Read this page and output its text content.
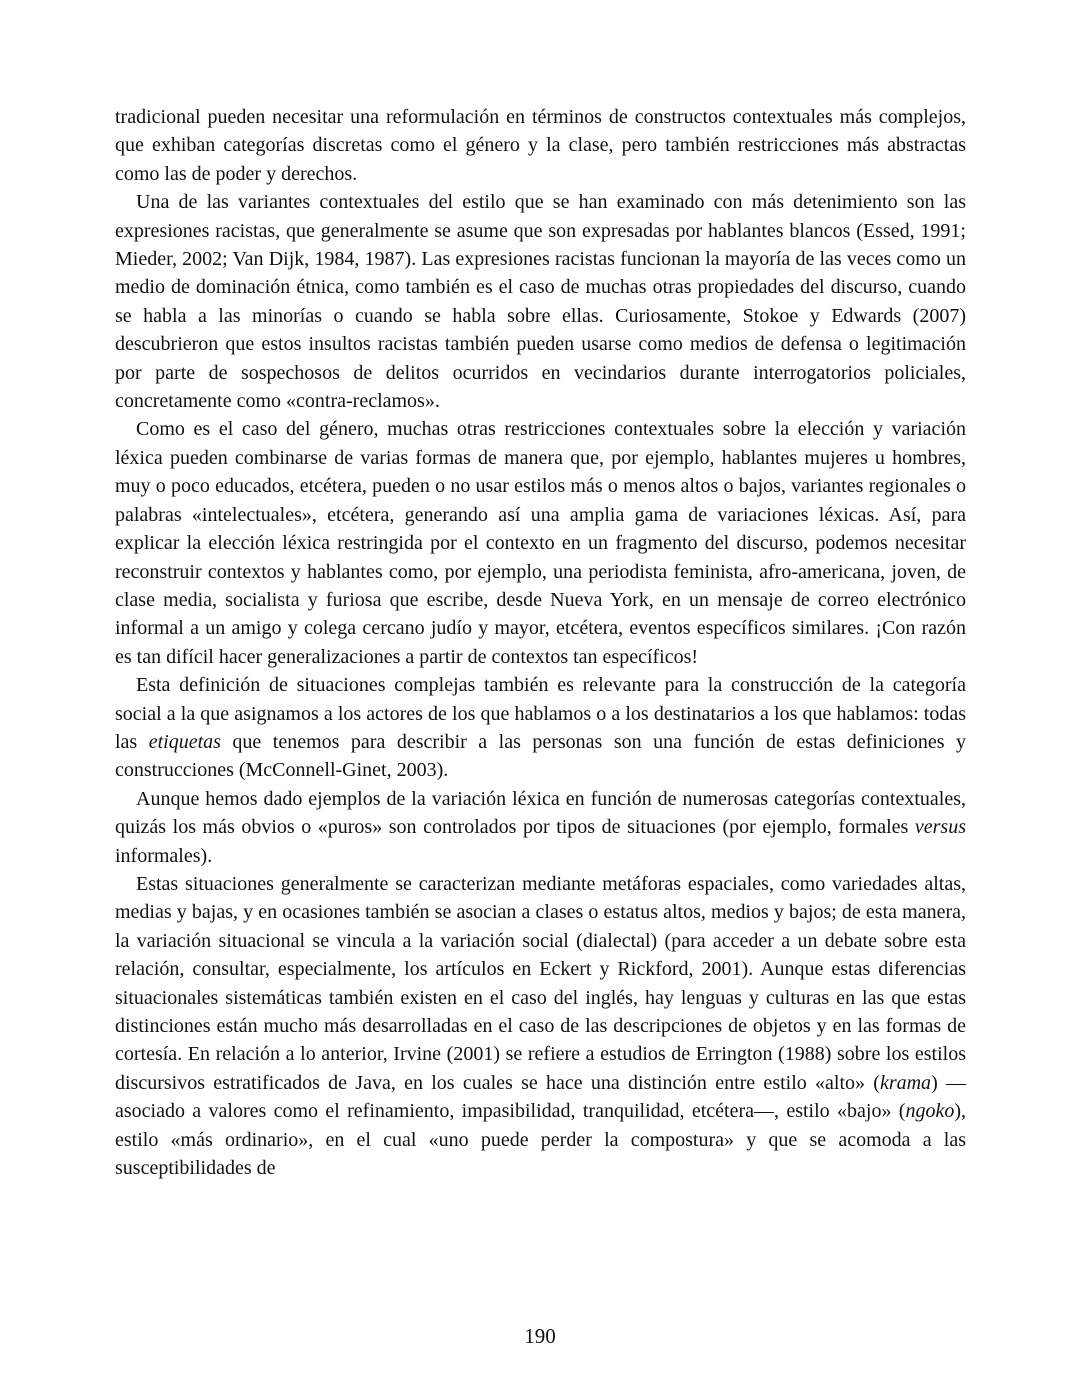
tradicional pueden necesitar una reformulación en términos de constructos contextuales más complejos, que exhiban categorías discretas como el género y la clase, pero también restricciones más abstractas como las de poder y derechos.

Una de las variantes contextuales del estilo que se han examinado con más detenimiento son las expresiones racistas, que generalmente se asume que son expresadas por hablantes blancos (Essed, 1991; Mieder, 2002; Van Dijk, 1984, 1987). Las expresiones racistas funcionan la mayoría de las veces como un medio de dominación étnica, como también es el caso de muchas otras propiedades del discurso, cuando se habla a las minorías o cuando se habla sobre ellas. Curiosamente, Stokoe y Edwards (2007) descubrieron que estos insultos racistas también pueden usarse como medios de defensa o legitimación por parte de sospechosos de delitos ocurridos en vecindarios durante interrogatorios policiales, concretamente como «contra-reclamos».

Como es el caso del género, muchas otras restricciones contextuales sobre la elección y variación léxica pueden combinarse de varias formas de manera que, por ejemplo, hablantes mujeres u hombres, muy o poco educados, etcétera, pueden o no usar estilos más o menos altos o bajos, variantes regionales o palabras «intelectuales», etcétera, generando así una amplia gama de variaciones léxicas. Así, para explicar la elección léxica restringida por el contexto en un fragmento del discurso, podemos necesitar reconstruir contextos y hablantes como, por ejemplo, una periodista feminista, afro-americana, joven, de clase media, socialista y furiosa que escribe, desde Nueva York, en un mensaje de correo electrónico informal a un amigo y colega cercano judío y mayor, etcétera, eventos específicos similares. ¡Con razón es tan difícil hacer generalizaciones a partir de contextos tan específicos!

Esta definición de situaciones complejas también es relevante para la construcción de la categoría social a la que asignamos a los actores de los que hablamos o a los destinatarios a los que hablamos: todas las etiquetas que tenemos para describir a las personas son una función de estas definiciones y construcciones (McConnell-Ginet, 2003).

Aunque hemos dado ejemplos de la variación léxica en función de numerosas categorías contextuales, quizás los más obvios o «puros» son controlados por tipos de situaciones (por ejemplo, formales versus informales).

Estas situaciones generalmente se caracterizan mediante metáforas espaciales, como variedades altas, medias y bajas, y en ocasiones también se asocian a clases o estatus altos, medios y bajos; de esta manera, la variación situacional se vincula a la variación social (dialectal) (para acceder a un debate sobre esta relación, consultar, especialmente, los artículos en Eckert y Rickford, 2001). Aunque estas diferencias situacionales sistemáticas también existen en el caso del inglés, hay lenguas y culturas en las que estas distinciones están mucho más desarrolladas en el caso de las descripciones de objetos y en las formas de cortesía. En relación a lo anterior, Irvine (2001) se refiere a estudios de Errington (1988) sobre los estilos discursivos estratificados de Java, en los cuales se hace una distinción entre estilo «alto» (krama) —asociado a valores como el refinamiento, impasibilidad, tranquilidad, etcétera—, estilo «bajo» (ngoko), estilo «más ordinario», en el cual «uno puede perder la compostura» y que se acomoda a las susceptibilidades de

190
